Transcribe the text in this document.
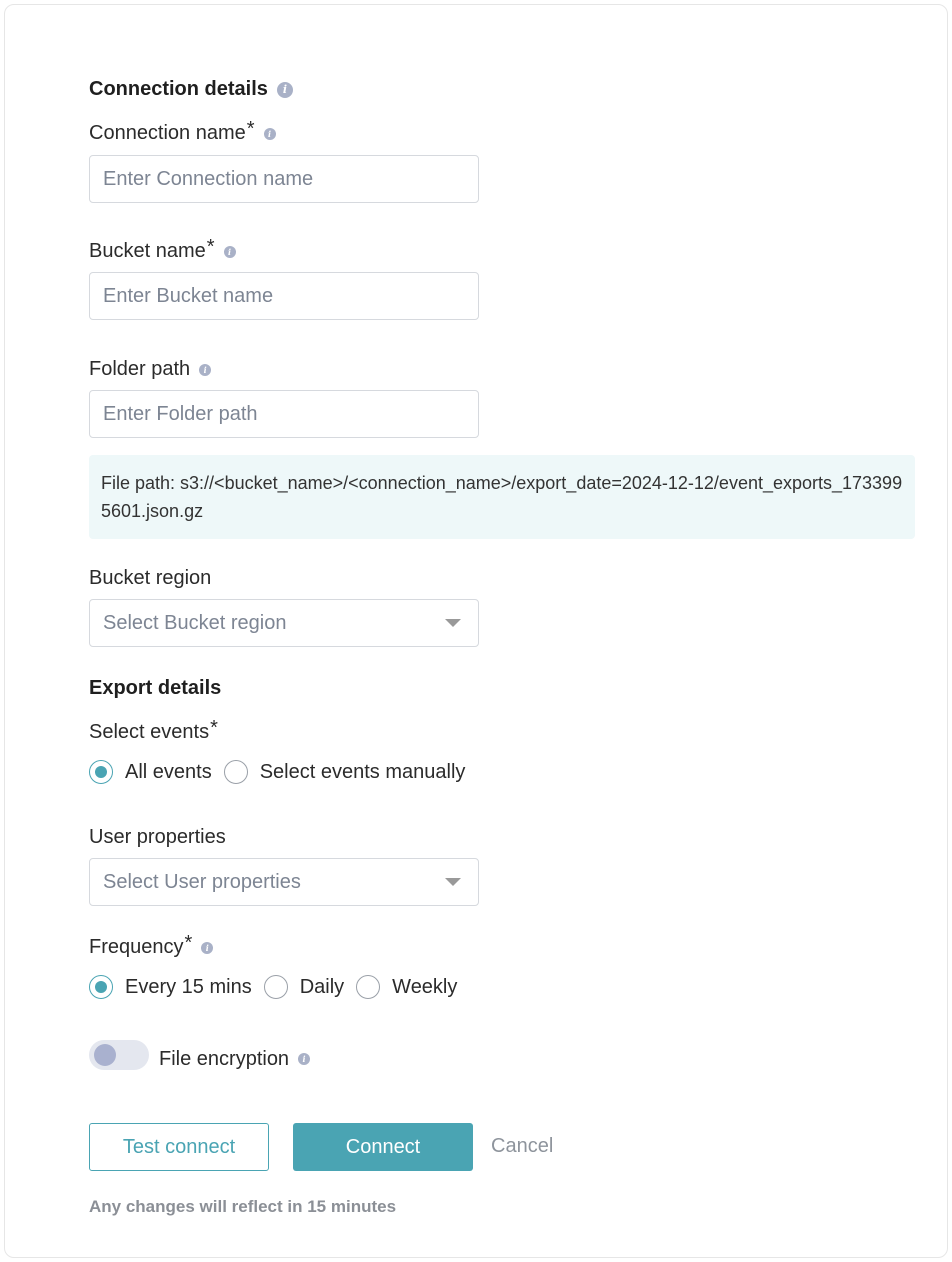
Connection details	i
Connection name *	i
Enter Connection name
Bucket name *	i
Enter Bucket name
Folder path	i
Enter Folder path
File path: s3://<bucket_name>/<connection_name>/export_date=2024-12-12/event_exports_1733995601.json.gz
Bucket region
Select Bucket region
Export details
Select events *
All events Select events manually
User properties
Select User properties
Frequency *	i
Every 15 mins Daily Weekly
File encryption	i
Test connect	Connect	Cancel
Any changes will reflect in 15 minutes
